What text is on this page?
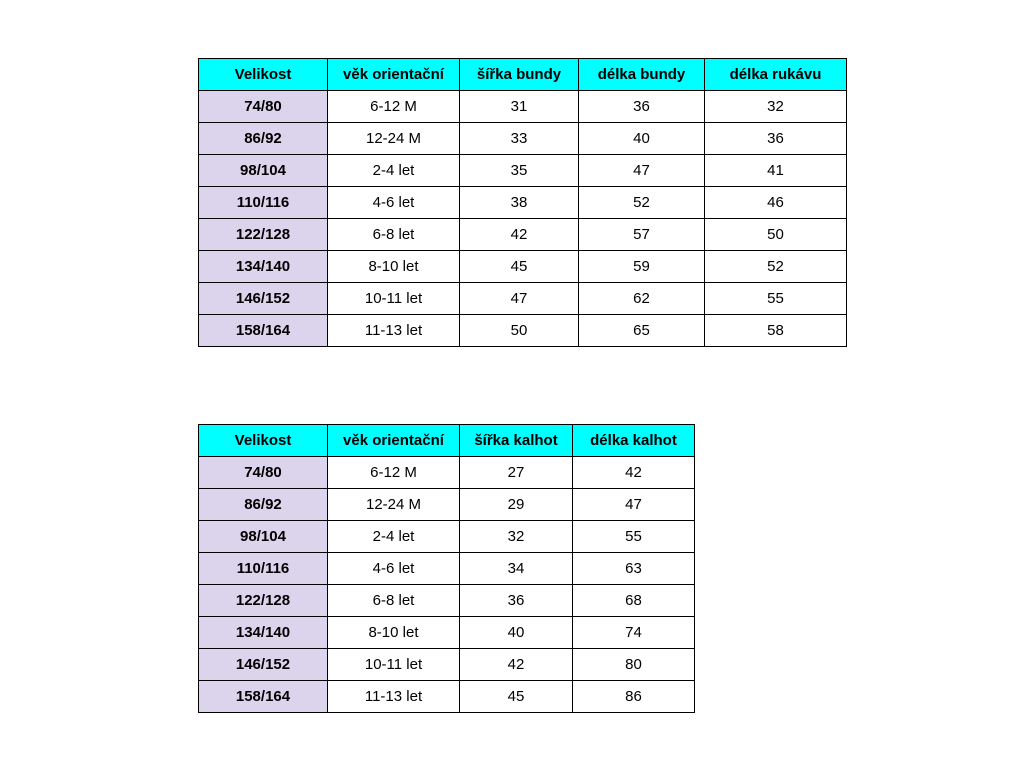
Velikost	věk orientační	šířka bundy	délka bundy	délka rukávu
74/80	6-12 M	31	36	32
86/92	12-24 M	33	40	36
98/104	2-4 let	35	47	41
110/116	4-6 let	38	52	46
122/128	6-8 let	42	57	50
134/140	8-10 let	45	59	52
146/152	10-11 let	47	62	55
158/164	11-13 let	50	65	58
Velikost	věk orientační	šířka kalhot	délka kalhot
74/80	6-12 M	27	42
86/92	12-24 M	29	47
98/104	2-4 let	32	55
110/116	4-6 let	34	63
122/128	6-8 let	36	68
134/140	8-10 let	40	74
146/152	10-11 let	42	80
158/164	11-13 let	45	86
